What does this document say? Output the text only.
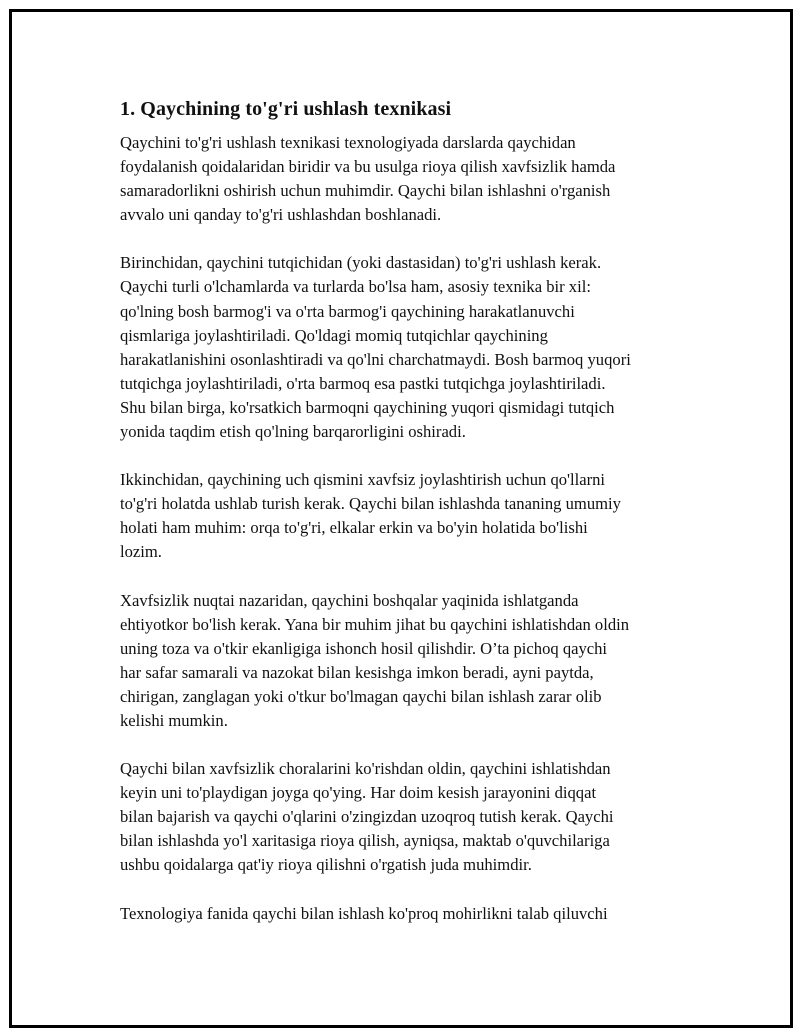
1. Qaychining to'g'ri ushlash texnikasi

Qaychini to'g'ri ushlash texnikasi texnologiyada darslarda qaychidan
foydalanish qoidalaridan biridir va bu usulga rioya qilish xavfsizlik hamda
samaradorlikni oshirish uchun muhimdir. Qaychi bilan ishlashni o'rganish
avvalo uni qanday to'g'ri ushlashdan boshlanadi.

Birinchidan, qaychini tutqichidan (yoki dastasidan) to'g'ri ushlash kerak.
Qaychi turli o'lchamlarda va turlarda bo'lsa ham, asosiy texnika bir xil:
qo'lning bosh barmog'i va o'rta barmog'i qaychining harakatlanuvchi
qismlariga joylashtiriladi. Qo'ldagi momiq tutqichlar qaychining
harakatlanishini osonlashtiradi va qo'lni charchatmaydi. Bosh barmoq yuqori
tutqichga joylashtiriladi, o'rta barmoq esa pastki tutqichga joylashtiriladi.
Shu bilan birga, ko'rsatkich barmoqni qaychining yuqori qismidagi tutqich
yonida taqdim etish qo'lning barqarorligini oshiradi.

Ikkinchidan, qaychining uch qismini xavfsiz joylashtirish uchun qo'llarni
to'g'ri holatda ushlab turish kerak. Qaychi bilan ishlashda tananing umumiy
holati ham muhim: orqa to'g'ri, elkalar erkin va bo'yin holatida bo'lishi
lozim.

Xavfsizlik nuqtai nazaridan, qaychini boshqalar yaqinida ishlatganda
ehtiyotkor bo'lish kerak. Yana bir muhim jihat bu qaychini ishlatishdan oldin
uning toza va o'tkir ekanligiga ishonch hosil qilishdir. O’ta pichoq qaychi
har safar samarali va nazokat bilan kesishga imkon beradi, ayni paytda,
chirigan, zanglagan yoki o'tkur bo'lmagan qaychi bilan ishlash zarar olib
kelishi mumkin.

Qaychi bilan xavfsizlik choralarini ko'rishdan oldin, qaychini ishlatishdan
keyin uni to'playdigan joyga qo'ying. Har doim kesish jarayonini diqqat
bilan bajarish va qaychi o'qlarini o'zingizdan uzoqroq tutish kerak. Qaychi
bilan ishlashda yo'l xaritasiga rioya qilish, ayniqsa, maktab o'quvchilariga
ushbu qoidalarga qat'iy rioya qilishni o'rgatish juda muhimdir.

Texnologiya fanida qaychi bilan ishlash ko'proq mohirlikni talab qiluvchi
